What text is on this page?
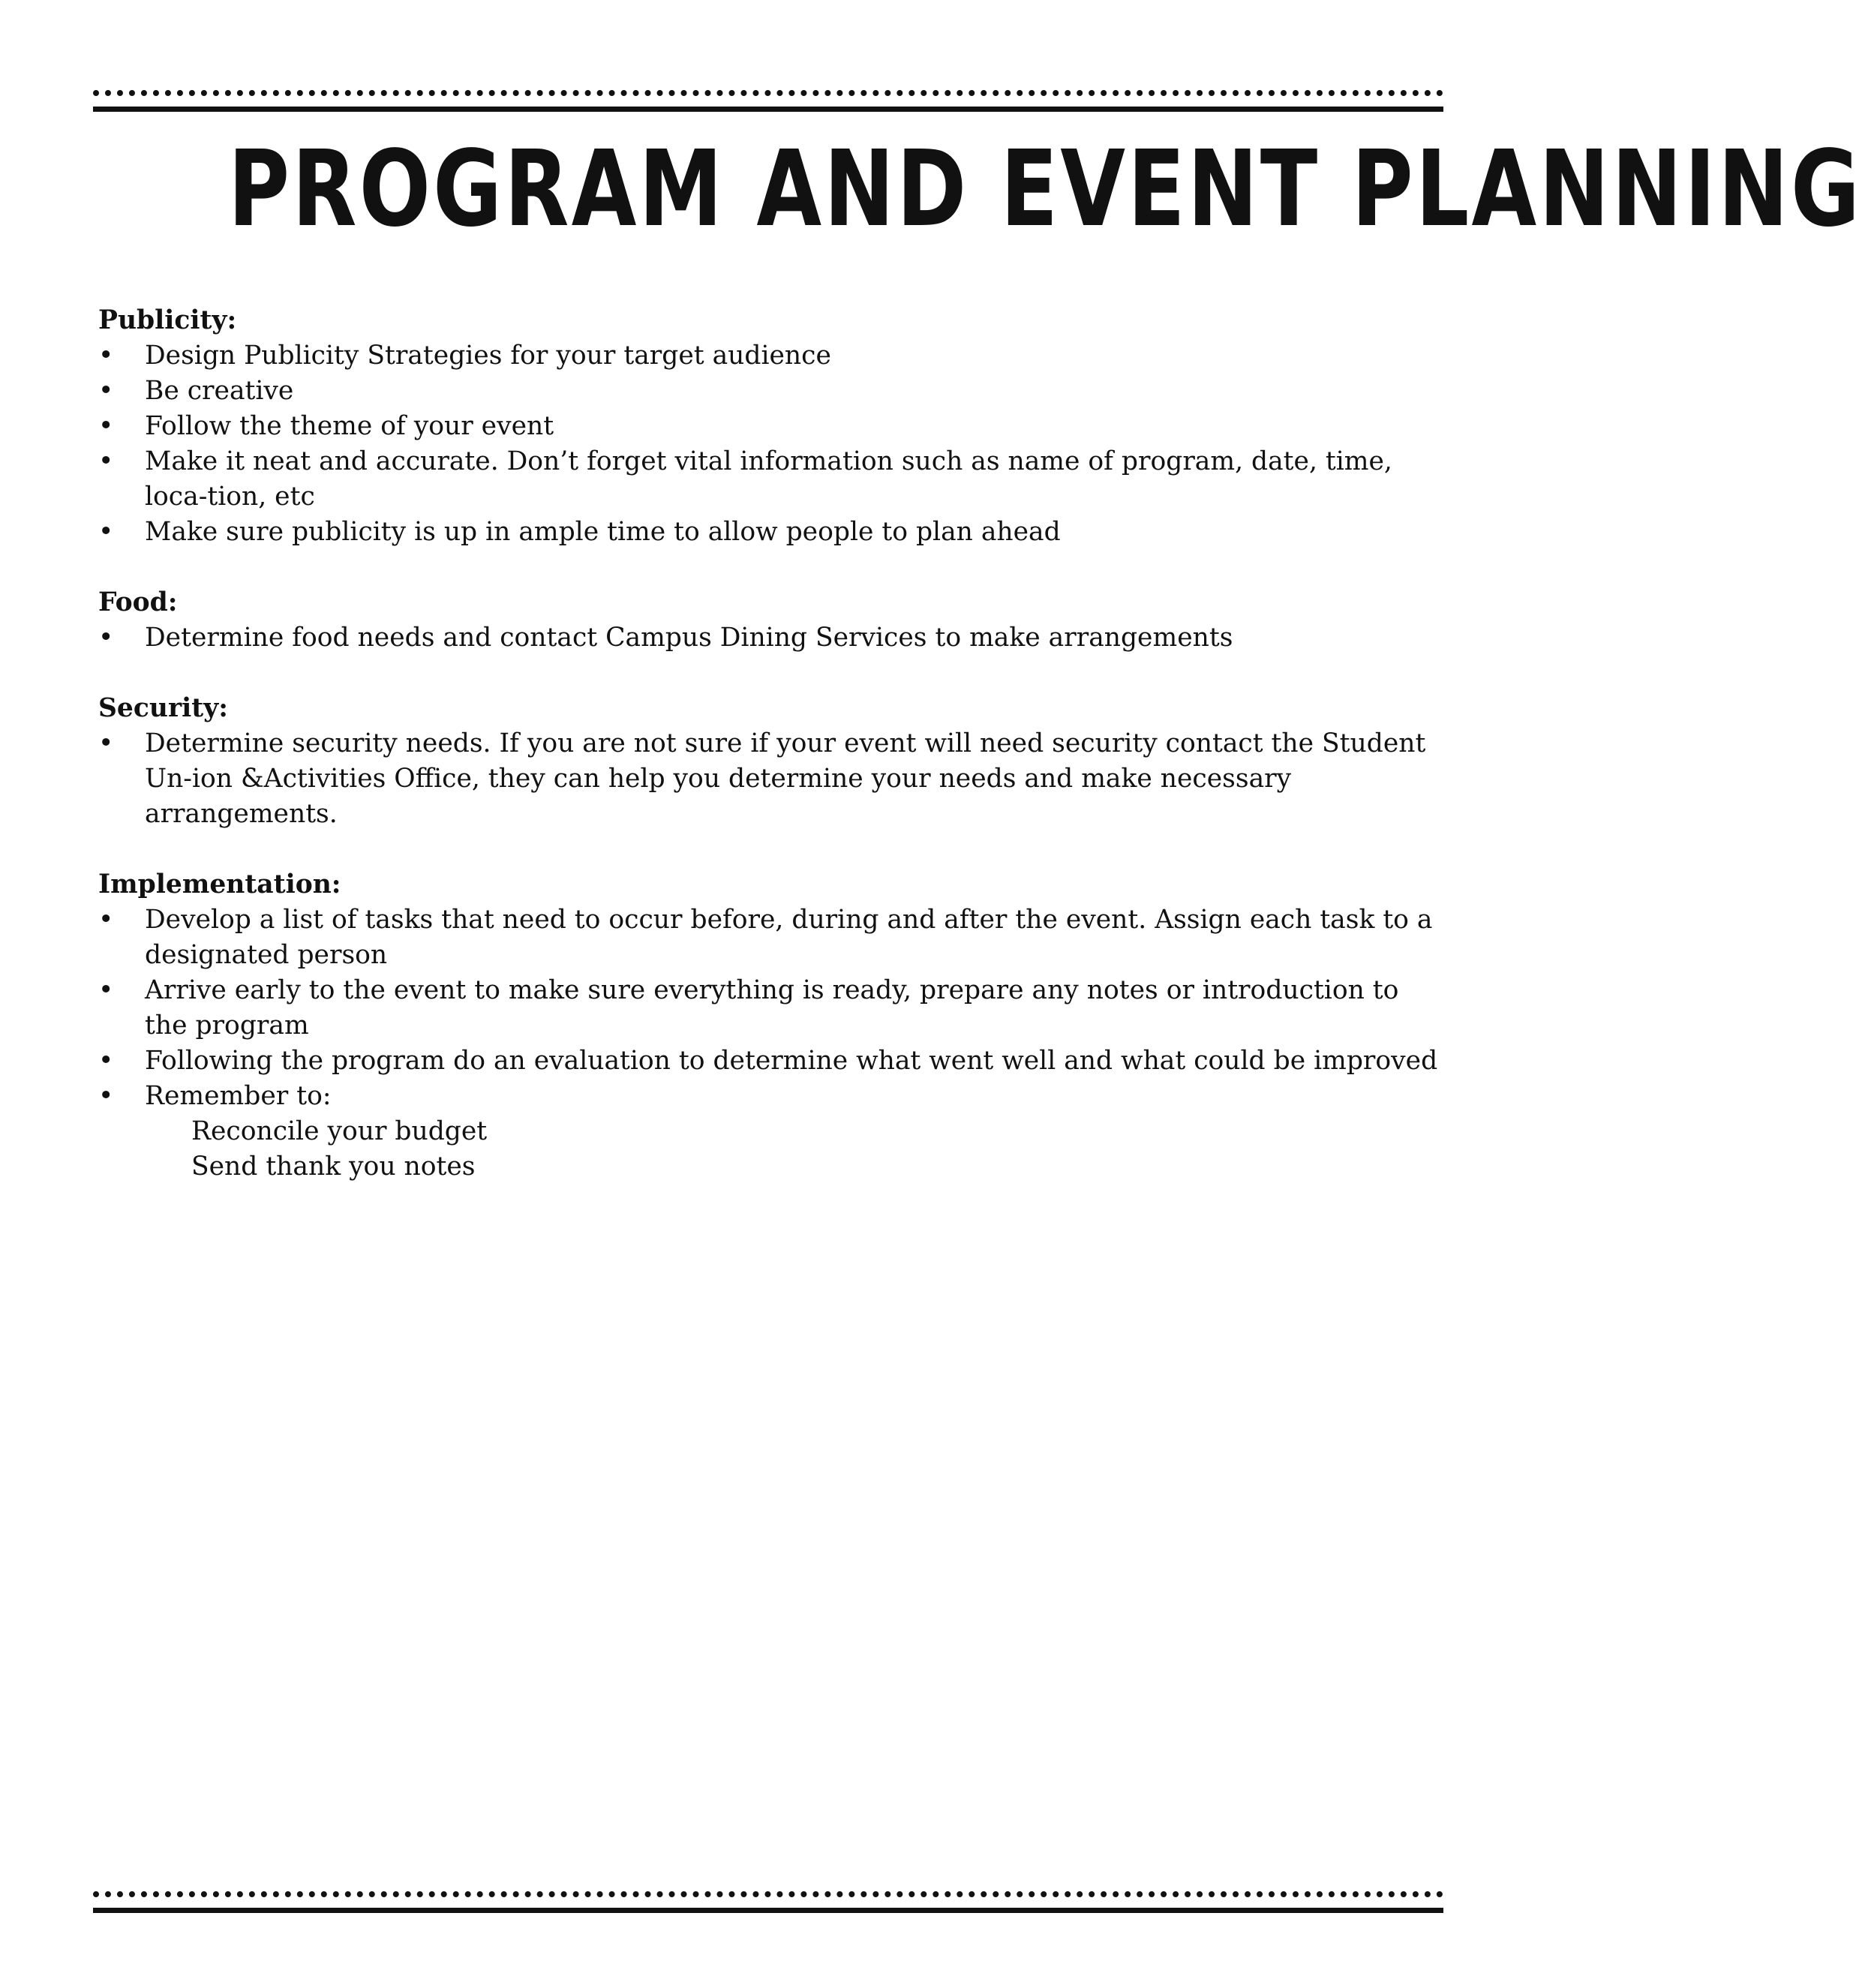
PROGRAM AND EVENT PLANNING
Publicity:
• Design Publicity Strategies for your target audience
• Be creative
• Follow the theme of your event
• Make it neat and accurate. Don’t forget vital information such as name of program, date, time, loca-tion, etc
• Make sure publicity is up in ample time to allow people to plan ahead
Food:
• Determine food needs and contact Campus Dining Services to make arrangements
Security:
• Determine security needs. If you are not sure if your event will need security contact the Student Un-ion &Activities Office, they can help you determine your needs and make necessary arrangements.
Implementation:
• Develop a list of tasks that need to occur before, during and after the event. Assign each task to a designated person
• Arrive early to the event to make sure everything is ready, prepare any notes or introduction to the program
• Following the program do an evaluation to determine what went well and what could be improved
• Remember to:
Reconcile your budget
Send thank you notes
